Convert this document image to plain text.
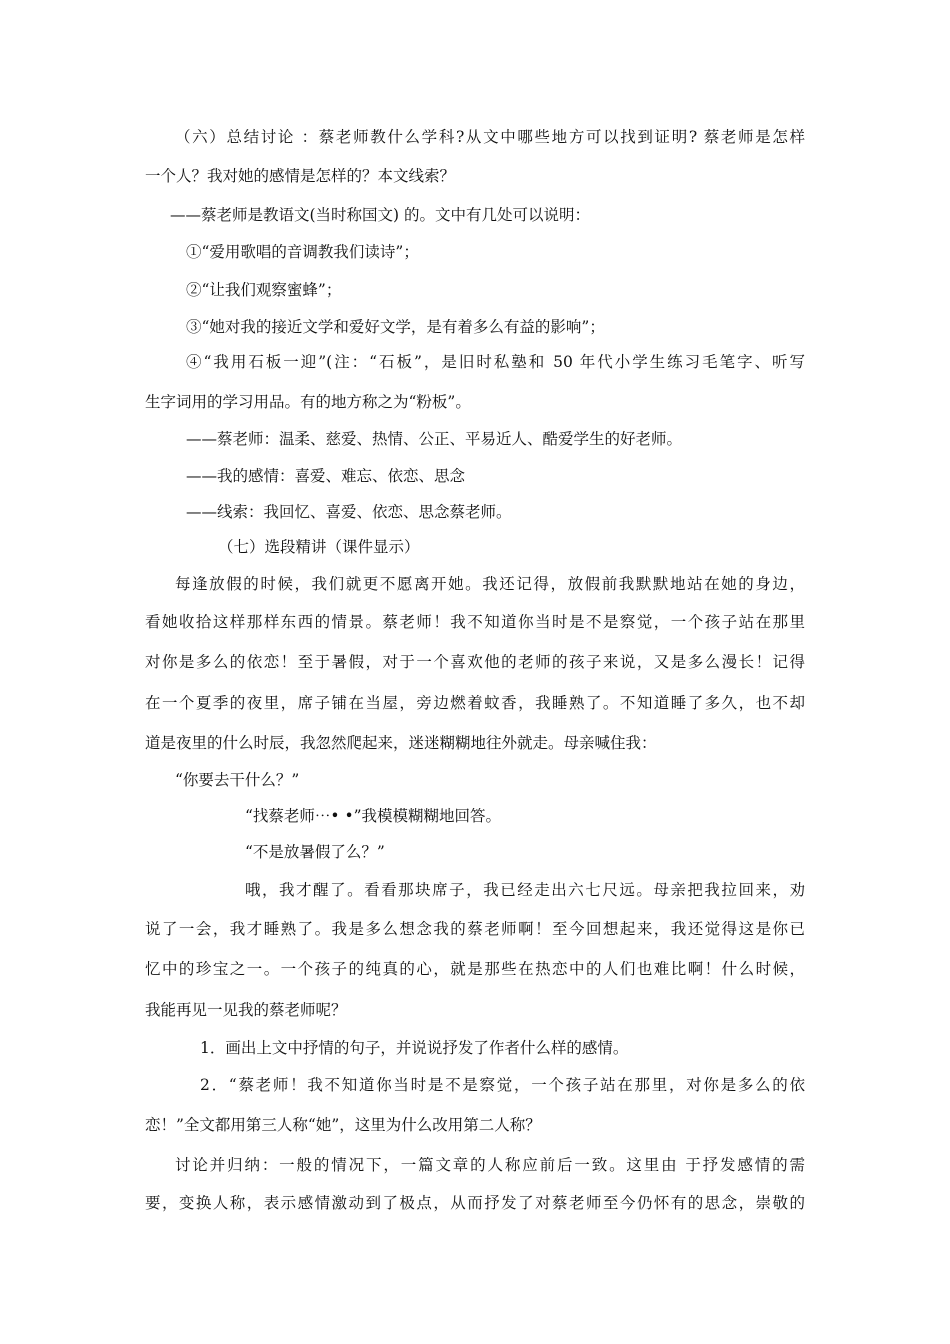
（六）总结讨论 ：蔡老师教什么学科?从文中哪些地方可以找到证明? 蔡老师是怎样
一个人？我对她的感情是怎样的？本文线索？
——蔡老师是教语文(当时称国文) 的。文中有几处可以说明：
①“爱用歌唱的音调教我们读诗”；
②“让我们观察蜜蜂”；
③“她对我的接近文学和爱好文学，是有着多么有益的影响”；
④“我用石板一迎”(注：“石板”，是旧时私塾和 50 年代小学生练习毛笔字、听写
生字词用的学习用品。有的地方称之为“粉板”。
——蔡老师：温柔、慈爱、热情、公正、平易近人、酷爱学生的好老师。
——我的感情：喜爱、难忘、依恋、思念
——线索：我回忆、喜爱、依恋、思念蔡老师。
（七）选段精讲（课件显示）
每逢放假的时候，我们就更不愿离开她。我还记得，放假前我默默地站在她的身边，
看她收拾这样那样东西的情景。蔡老师！我不知道你当时是不是察觉，一个孩子站在那里
对你是多么的依恋！至于暑假，对于一个喜欢他的老师的孩子来说，又是多么漫长！记得
在一个夏季的夜里，席子铺在当屋，旁边燃着蚊香，我睡熟了。不知道睡了多久，也不却
道是夜里的什么时辰，我忽然爬起来，迷迷糊糊地往外就走。母亲喊住我：
“你要去干什么？”
“找蔡老师⋯• •”我模模糊糊地回答。
“不是放暑假了么？”
哦，我才醒了。看看那块席子，我已经走出六七尺远。母亲把我拉回来，劝
说了一会，我才睡熟了。我是多么想念我的蔡老师啊！至今回想起来，我还觉得这是你已
忆中的珍宝之一。一个孩子的纯真的心，就是那些在热恋中的人们也难比啊！什么时候，
我能再见一见我的蔡老师呢？
1．画出上文中抒情的句子，并说说抒发了作者什么样的感情。
2．“蔡老师！我不知道你当时是不是察觉，一个孩子站在那里，对你是多么的依
恋！”全文都用第三人称“她”，这里为什么改用第二人称？
讨论并归纳：一般的情况下，一篇文章的人称应前后一致。这里由 于抒发感情的需
要，变换人称，表示感情激动到了极点，从而抒发了对蔡老师至今仍怀有的思念，崇敬的
